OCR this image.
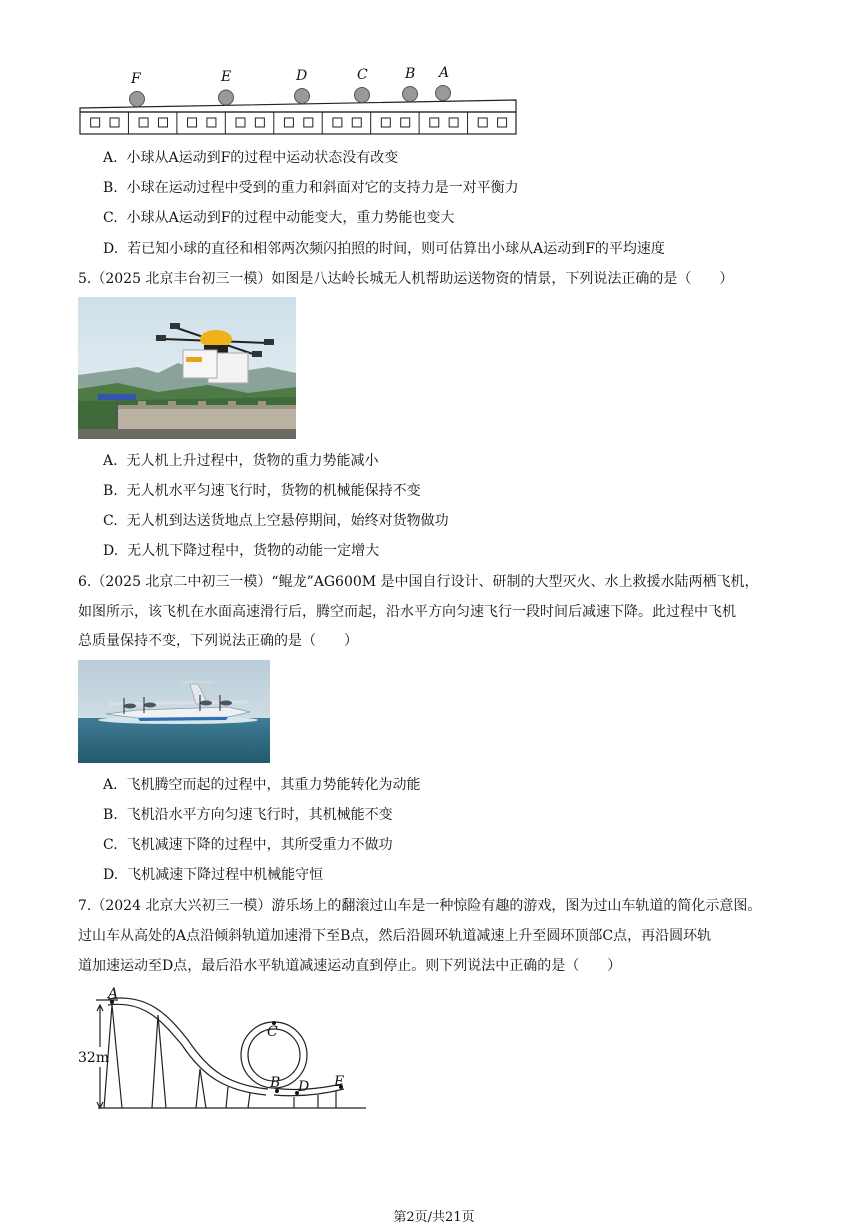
F	E	D	C	B A
A. 小球从A运动到F的过程中运动状态没有改变
B. 小球在运动过程中受到的重力和斜面对它的支持力是一对平衡力
C. 小球从A运动到F的过程中动能变大，重力势能也变大
D. 若已知小球的直径和相邻两次频闪拍照的时间，则可估算出小球从A运动到F的平均速度
5.（2025 北京丰台初三一模）如图是八达岭长城无人机帮助运送物资的情景，下列说法正确的是（　　）
A. 无人机上升过程中，货物的重力势能减小
B. 无人机水平匀速飞行时，货物的机械能保持不变
C. 无人机到达送货地点上空悬停期间，始终对货物做功
D. 无人机下降过程中，货物的动能一定增大
6.（2025 北京二中初三一模）“鲲龙”AG600M 是中国自行设计、研制的大型灭火、水上救援水陆两栖飞机，
如图所示，该飞机在水面高速滑行后，腾空而起，沿水平方向匀速飞行一段时间后减速下降。此过程中飞机
总质量保持不变，下列说法正确的是（　　）
A. 飞机腾空而起的过程中，其重力势能转化为动能
B. 飞机沿水平方向匀速飞行时，其机械能不变
C. 飞机减速下降的过程中，其所受重力不做功
D. 飞机减速下降过程中机械能守恒
7.（2024 北京大兴初三一模）游乐场上的翻滚过山车是一种惊险有趣的游戏，图为过山车轨道的简化示意图。
过山车从高处的A点沿倾斜轨道加速滑下至B点，然后沿圆环轨道减速上升至圆环顶部C点，再沿圆环轨
道加速运动至D点，最后沿水平轨道减速运动直到停止。则下列说法中正确的是（　　）
A
C
B D E
32m
第2页/共21页
